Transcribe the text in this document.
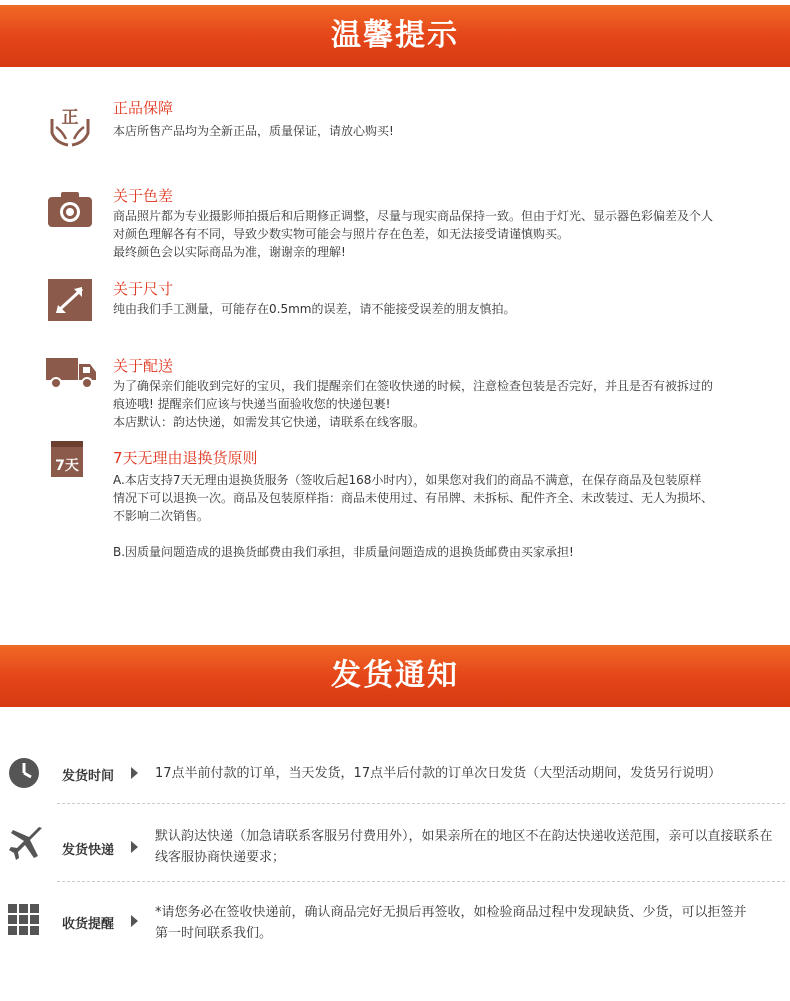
温馨提示
正 正品保障

本店所售产品均为全新正品，质量保证，请放心购买!

关于色差

商品照片都为专业摄影师拍摄后和后期修正调整，尽量与现实商品保持一致。但由于灯光、显示器色彩偏差及个人

对颜色理解各有不同，导致少数实物可能会与照片存在色差，如无法接受请谨慎购买。

最终颜色会以实际商品为准，谢谢亲的理解!

关于尺寸

纯由我们手工测量，可能存在0.5mm的误差，请不能接受误差的朋友慎拍。

关于配送

为了确保亲们能收到完好的宝贝，我们提醒亲们在签收快递的时候，注意检查包装是否完好，并且是否有被拆过的

痕迹哦! 提醒亲们应该与快递当面验收您的快递包裹!

本店默认：韵达快递，如需发其它快递，请联系在线客服。

7天 7天无理由退换货原则

A.本店支持7天无理由退换货服务（签收后起168小时内），如果您对我们的商品不满意，在保存商品及包装原样

情况下可以退换一次。商品及包装原样指：商品未使用过、有吊牌、未拆标、配件齐全、未改装过、无人为损坏、

不影响二次销售。

B.因质量问题造成的退换货邮费由我们承担，非质量问题造成的退换货邮费由买家承担!

发货通知
发货时间	17点半前付款的订单，当天发货，17点半后付款的订单次日发货（大型活动期间，发货另行说明）
发货快递
默认韵达快递（加急请联系客服另付费用外），如果亲所在的地区不在韵达快递收送范围，亲可以直接联系在线客服协商快递要求；
收货提醒
*请您务必在签收快递前，确认商品完好无损后再签收，如检验商品过程中发现缺货、少货，可以拒签并第一时间联系我们。
